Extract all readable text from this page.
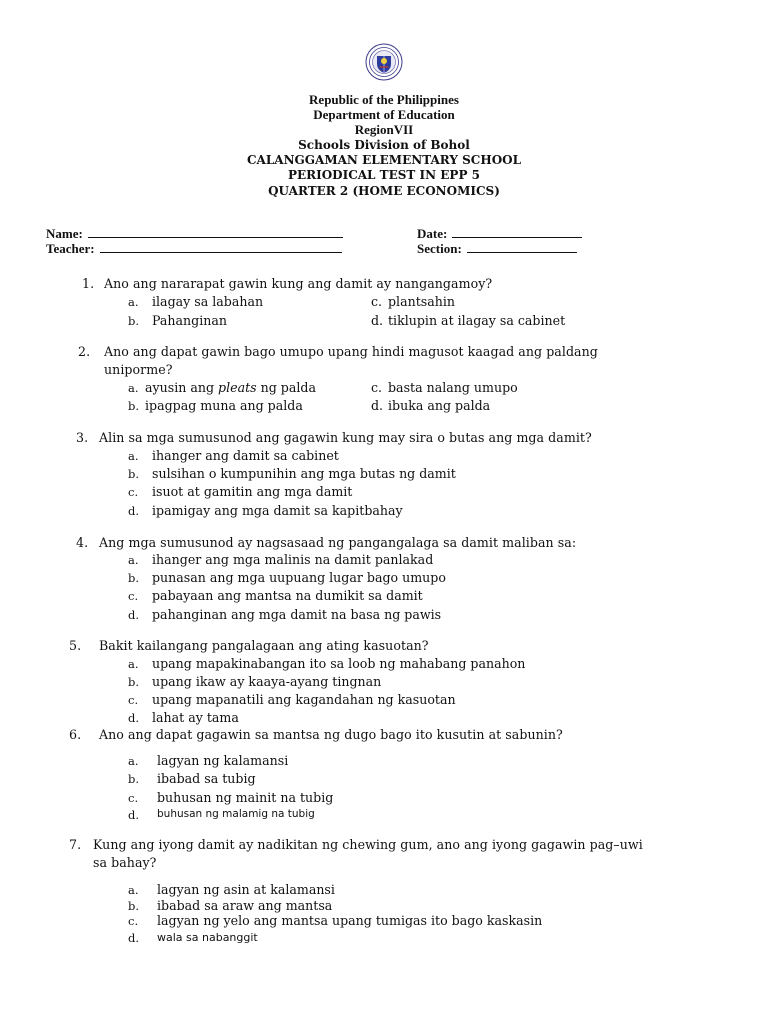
Republic of the Philippines
Department of Education
RegionVII
Schools Division of Bohol
CALANGGAMAN ELEMENTARY SCHOOL
PERIODICAL TEST IN EPP 5
QUARTER 2 (HOME ECONOMICS)
Name:	Date:
Teacher:	Section:
1. Ano ang nararapat gawin kung ang damit ay nangangamoy?
a. ilagay sa labahan	c. plantsahin
b. Pahanginan	d. tiklupin at ilagay sa cabinet
2. Ano ang dapat gawin bago umupo upang hindi magusot kaagad ang paldang
uniporme?
a. ayusin ang pleats ng palda	c. basta nalang umupo
b. ipagpag muna ang palda	d. ibuka ang palda
3. Alin sa mga sumusunod ang gagawin kung may sira o butas ang mga damit?
a. ihanger ang damit sa cabinet
b. sulsihan o kumpunihin ang mga butas ng damit
c. isuot at gamitin ang mga damit
d. ipamigay ang mga damit sa kapitbahay
4. Ang mga sumusunod ay nagsasaad ng pangangalaga sa damit maliban sa:
a. ihanger ang mga malinis na damit panlakad
b. punasan ang mga uupuang lugar bago umupo
c. pabayaan ang mantsa na dumikit sa damit
d. pahanginan ang mga damit na basa ng pawis
5. Bakit kailangang pangalagaan ang ating kasuotan?
a. upang mapakinabangan ito sa loob ng mahabang panahon
b. upang ikaw ay kaaya-ayang tingnan
c. upang mapanatili ang kagandahan ng kasuotan
d. lahat ay tama
6. Ano ang dapat gagawin sa mantsa ng dugo bago ito kusutin at sabunin?
a. lagyan ng kalamansi
b. ibabad sa tubig
c. buhusan ng mainit na tubig
d. buhusan ng malamig na tubig
7. Kung ang iyong damit ay nadikitan ng chewing gum, ano ang iyong gagawin pag–uwi
sa bahay?
a. lagyan ng asin at kalamansi
b. ibabad sa araw ang mantsa
c. lagyan ng yelo ang mantsa upang tumigas ito bago kaskasin
d. wala sa nabanggit
